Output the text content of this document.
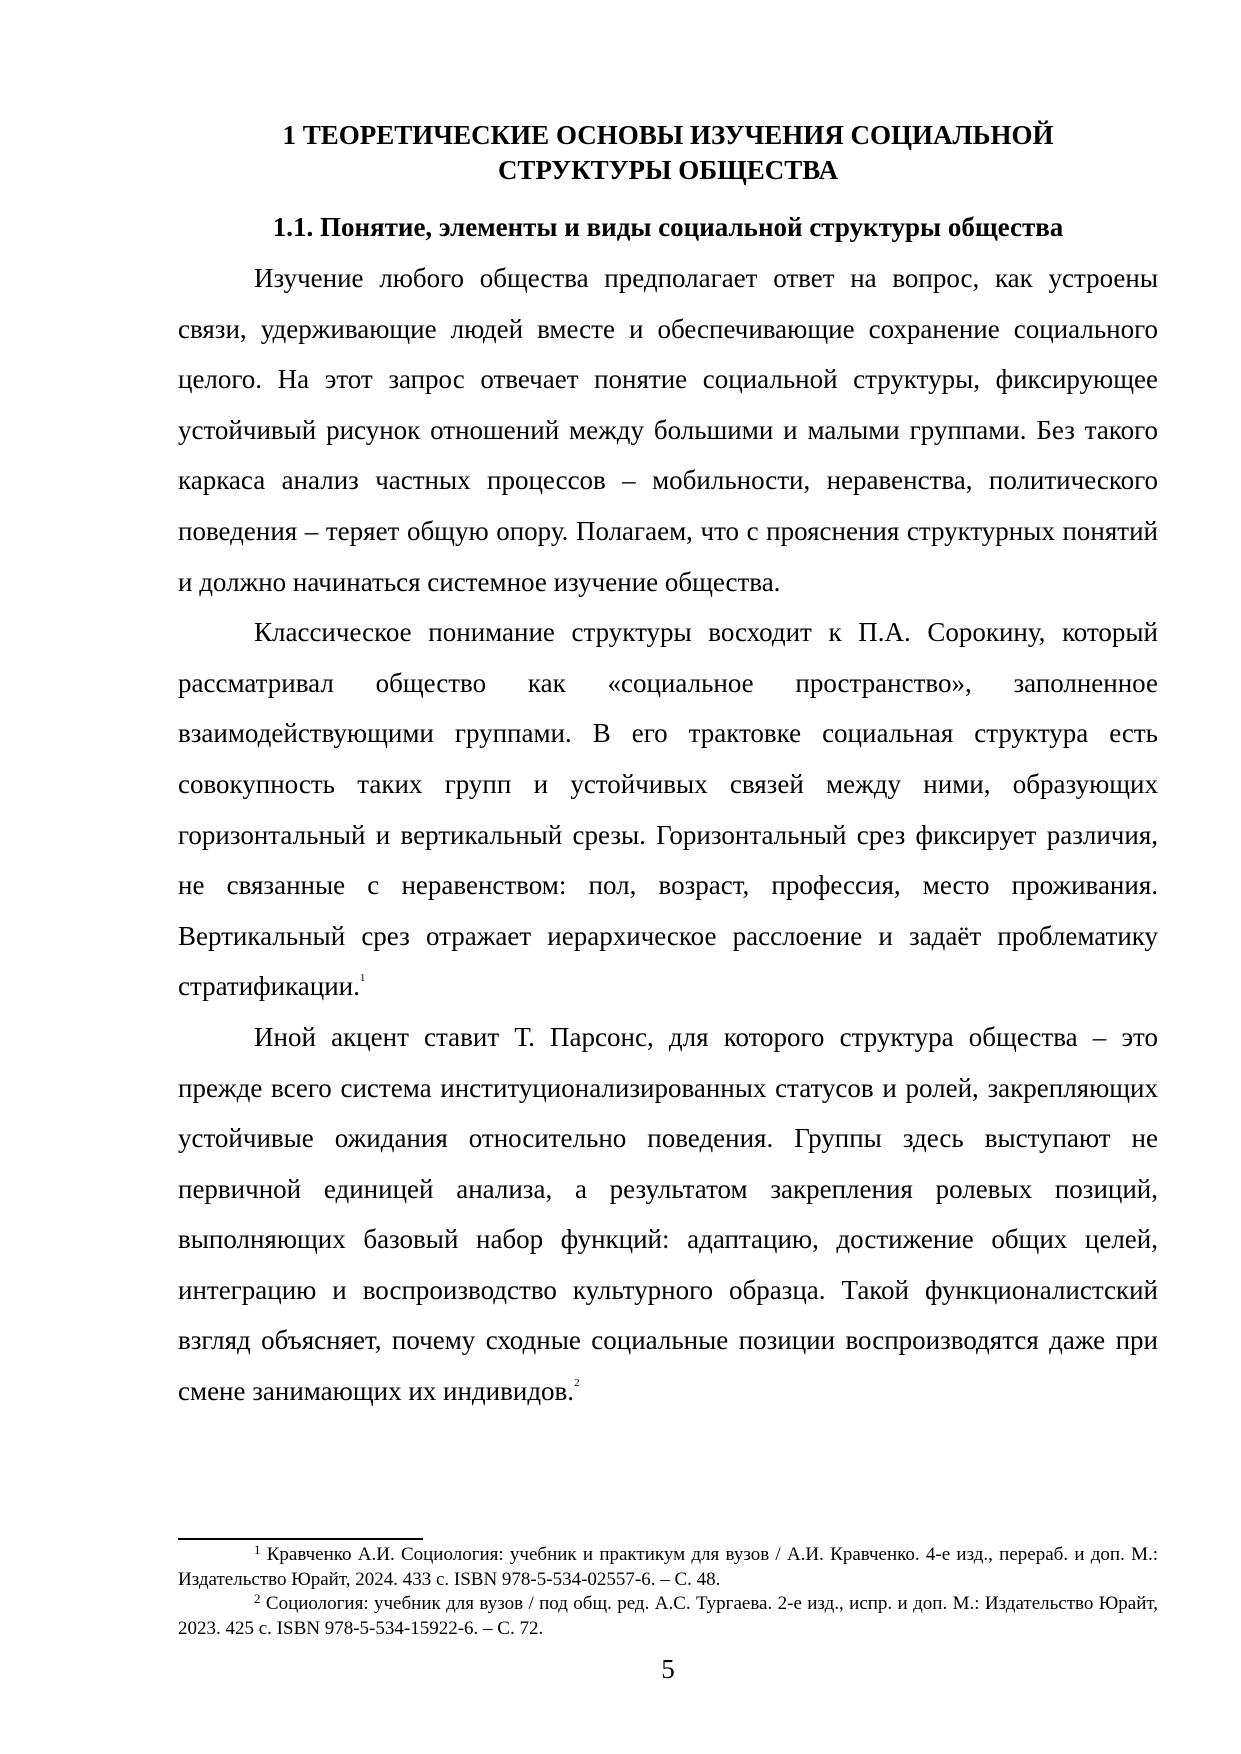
1 ТЕОРЕТИЧЕСКИЕ ОСНОВЫ ИЗУЧЕНИЯ СОЦИАЛЬНОЙ
СТРУКТУРЫ ОБЩЕСТВА
1.1. Понятие, элементы и виды социальной структуры общества

Изучение любого общества предполагает ответ на вопрос, как устроены связи, удерживающие людей вместе и обеспечивающие сохранение социального целого. На этот запрос отвечает понятие социальной структуры, фиксирующее устойчивый рисунок отношений между большими и малыми группами. Без такого каркаса анализ частных процессов – мобильности, неравенства, политического поведения – теряет общую опору. Полагаем, что с прояснения структурных понятий и должно начинаться системное изучение общества.

Классическое понимание структуры восходит к П.А. Сорокину, который рассматривал общество как «социальное пространство», заполненное взаимодействующими группами. В его трактовке социальная структура есть совокупность таких групп и устойчивых связей между ними, образующих горизонтальный и вертикальный срезы. Горизонтальный срез фиксирует различия, не связанные с неравенством: пол, возраст, профессия, место проживания. Вертикальный срез отражает иерархическое расслоение и задаёт проблематику стратификации.$^1$

Иной акцент ставит Т. Парсонс, для которого структура общества – это прежде всего система институционализированных статусов и ролей, закрепляющих устойчивые ожидания относительно поведения. Группы здесь выступают не первичной единицей анализа, а результатом закрепления ролевых позиций, выполняющих базовый набор функций: адаптацию, достижение общих целей, интеграцию и воспроизводство культурного образца. Такой функционалистский взгляд объясняет, почему сходные социальные позиции воспроизводятся даже при смене занимающих их индивидов.$^2$

$^1$ Кравченко А.И. Социология: учебник и практикум для вузов / А.И. Кравченко. 4-е изд., перераб. и доп. М.: Издательство Юрайт, 2024. 433 с. ISBN 978-5-534-02557-6. – С. 48.

$^2$ Социология: учебник для вузов / под общ. ред. А.С. Тургаева. 2-е изд., испр. и доп. М.: Издательство Юрайт, 2023. 425 с. ISBN 978-5-534-15922-6. – С. 72.

5
